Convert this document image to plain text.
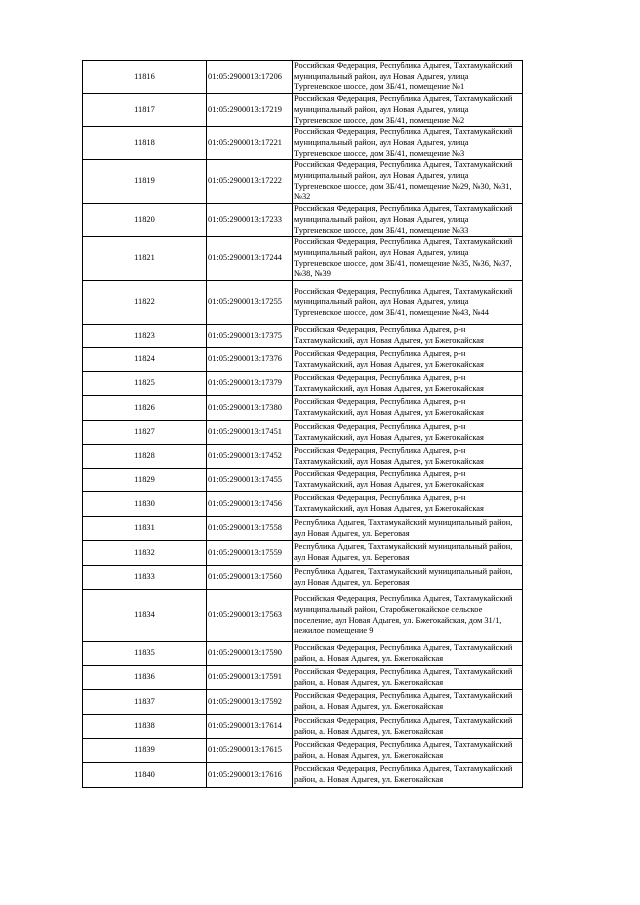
11816	01:05:2900013:17206	Российская Федерация, Республика Адыгея, Тахтамукайский
муниципальный район, аул Новая Адыгея, улица
Тургеневское шоссе, дом 3Б/41, помещение №1

11817	01:05:2900013:17219	Российская Федерация, Республика Адыгея, Тахтамукайский
муниципальный район, аул Новая Адыгея, улица
Тургеневское шоссе, дом 3Б/41, помещение №2

11818	01:05:2900013:17221	Российская Федерация, Республика Адыгея, Тахтамукайский
муниципальный район, аул Новая Адыгея, улица
Тургеневское шоссе, дом 3Б/41, помещение №3

11819	01:05:2900013:17222	Российская Федерация, Республика Адыгея, Тахтамукайский
муниципальный район, аул Новая Адыгея, улица
Тургеневское шоссе, дом 3Б/41, помещение №29, №30, №31,
№32

11820	01:05:2900013:17233	Российская Федерация, Республика Адыгея, Тахтамукайский
муниципальный район, аул Новая Адыгея, улица
Тургеневское шоссе, дом 3Б/41, помещение №33

11821	01:05:2900013:17244	Российская Федерация, Республика Адыгея, Тахтамукайский
муниципальный район, аул Новая Адыгея, улица
Тургеневское шоссе, дом 3Б/41, помещение №35, №36, №37,
№38, №39

11822	01:05:2900013:17255	Российская Федерация, Республика Адыгея, Тахтамукайский
муниципальный район, аул Новая Адыгея, улица
Тургеневское шоссе, дом 3Б/41, помещение №43, №44

11823	01:05:2900013:17375	Российская Федерация, Республика Адыгея, р-н
Тахтамукайский, аул Новая Адыгея, ул Бжегокайская

11824	01:05:2900013:17376	Российская Федерация, Республика Адыгея, р-н
Тахтамукайский, аул Новая Адыгея, ул Бжегокайская

11825	01:05:2900013:17379	Российская Федерация, Республика Адыгея, р-н
Тахтамукайский, аул Новая Адыгея, ул Бжегокайская

11826	01:05:2900013:17380	Российская Федерация, Республика Адыгея, р-н
Тахтамукайский, аул Новая Адыгея, ул Бжегокайская

11827	01:05:2900013:17451	Российская Федерация, Республика Адыгея, р-н
Тахтамукайский, аул Новая Адыгея, ул Бжегокайская

11828	01:05:2900013:17452	Российская Федерация, Республика Адыгея, р-н
Тахтамукайский, аул Новая Адыгея, ул Бжегокайская

11829	01:05:2900013:17455	Российская Федерация, Республика Адыгея, р-н
Тахтамукайский, аул Новая Адыгея, ул Бжегокайская

11830	01:05:2900013:17456	Российская Федерация, Республика Адыгея, р-н
Тахтамукайский, аул Новая Адыгея, ул Бжегокайская

11831	01:05:2900013:17558	Республика Адыгея, Тахтамукайский муниципальный район,
аул Новая Адыгея, ул. Береговая

11832	01:05:2900013:17559	Республика Адыгея, Тахтамукайский муниципальный район,
аул Новая Адыгея, ул. Береговая

11833	01:05:2900013:17560	Республика Адыгея, Тахтамукайский муниципальный район,
аул Новая Адыгея, ул. Береговая

11834	01:05:2900013:17563	Российская Федерация, Республика Адыгея, Тахтамукайский
муниципальный район, Старобжегокайское сельское
поселение, аул Новая Адыгея, ул. Бжегокайская, дом 31/1,
нежилое помещение 9

11835	01:05:2900013:17590	Российская Федерация, Республика Адыгея, Тахтамукайский
район, а. Новая Адыгея, ул. Бжегокайская

11836	01:05:2900013:17591	Российская Федерация, Республика Адыгея, Тахтамукайский
район, а. Новая Адыгея, ул. Бжегокайская

11837	01:05:2900013:17592	Российская Федерация, Республика Адыгея, Тахтамукайский
район, а. Новая Адыгея, ул. Бжегокайская

11838	01:05:2900013:17614	Российская Федерация, Республика Адыгея, Тахтамукайский
район, а. Новая Адыгея, ул. Бжегокайская

11839	01:05:2900013:17615	Российская Федерация, Республика Адыгея, Тахтамукайский
район, а. Новая Адыгея, ул. Бжегокайская

11840	01:05:2900013:17616	Российская Федерация, Республика Адыгея, Тахтамукайский
район, а. Новая Адыгея, ул. Бжегокайская
